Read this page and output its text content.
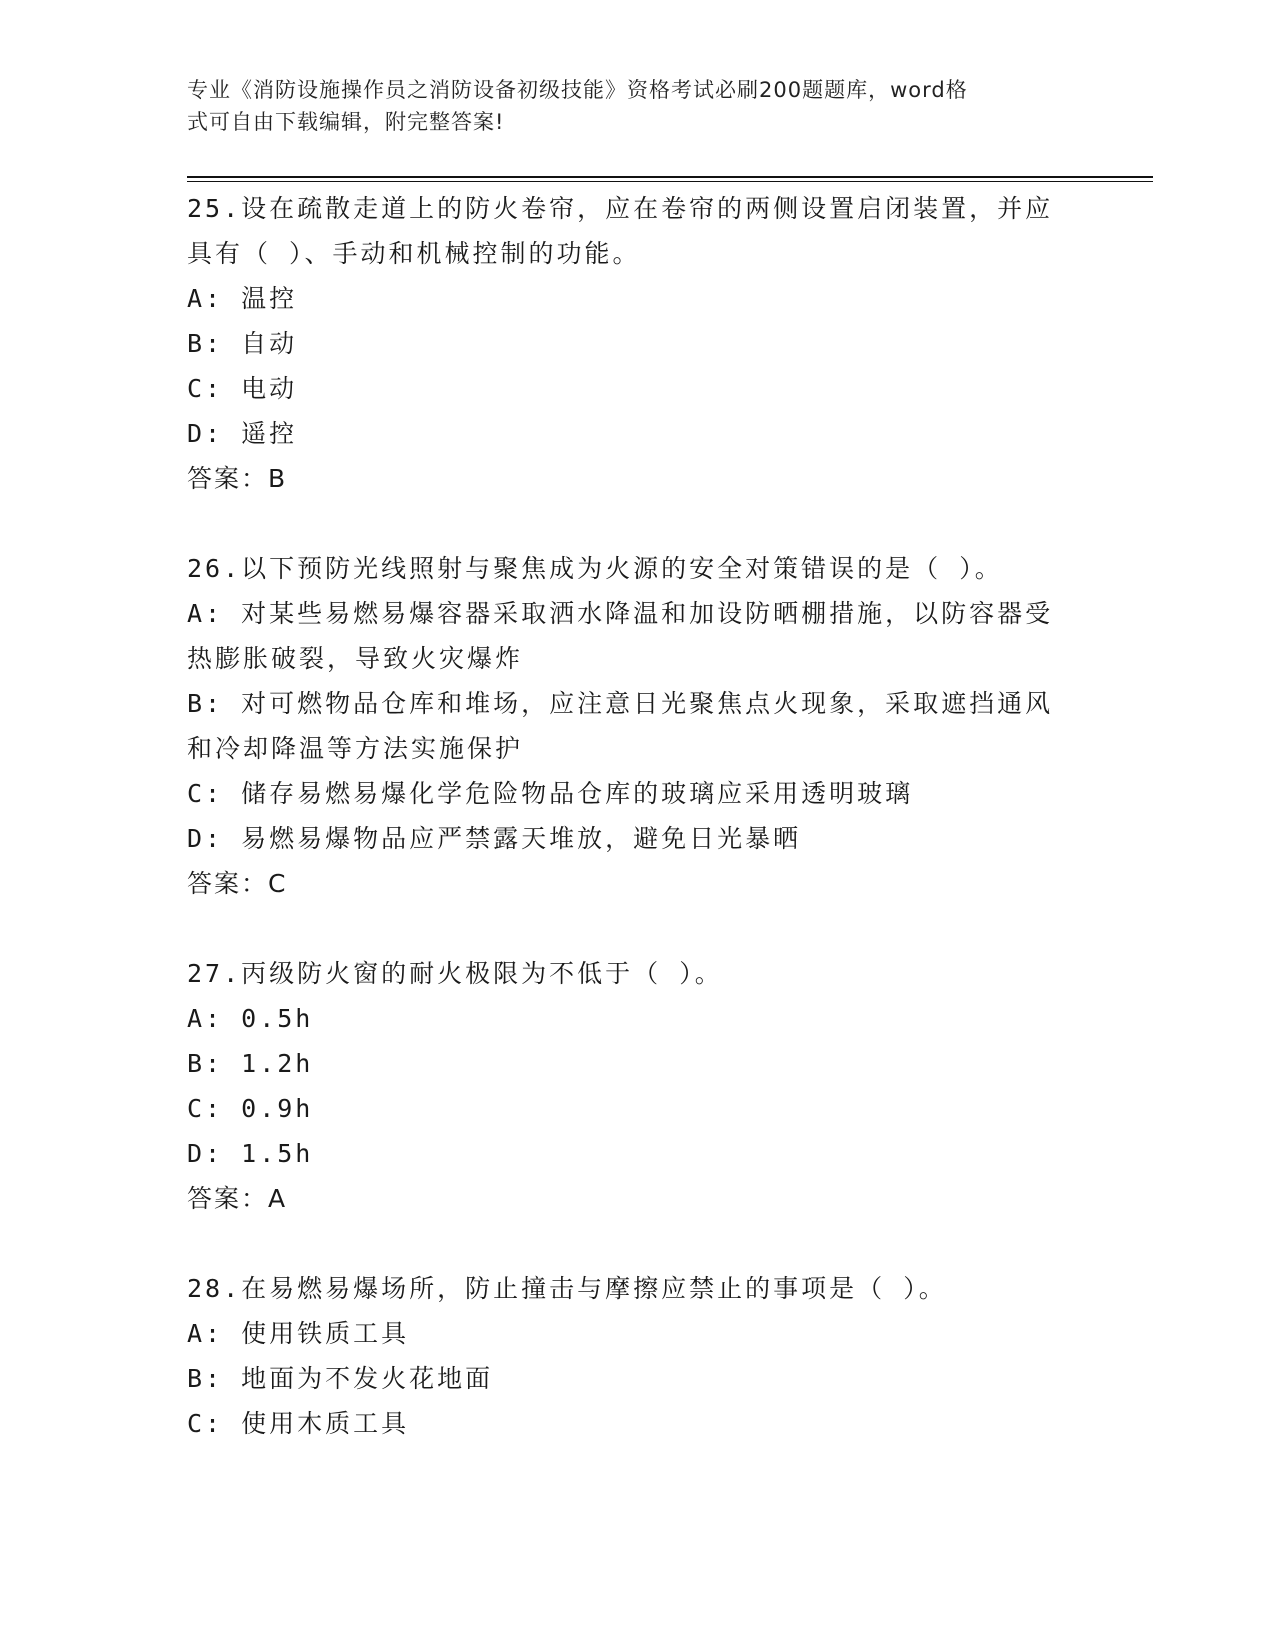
专业《消防设施操作员之消防设备初级技能》资格考试必刷200题题库，word格
式可自由下载编辑，附完整答案!

25.设在疏散走道上的防火卷帘，应在卷帘的两侧设置启闭装置，并应

具有（ ）、手动和机械控制的功能。

A: 温控

B: 自动

C: 电动

D: 遥控

答案：B

26.以下预防光线照射与聚焦成为火源的安全对策错误的是（ ）。

A: 对某些易燃易爆容器采取洒水降温和加设防晒棚措施，以防容器受

热膨胀破裂，导致火灾爆炸

B: 对可燃物品仓库和堆场，应注意日光聚焦点火现象，采取遮挡通风

和冷却降温等方法实施保护

C: 储存易燃易爆化学危险物品仓库的玻璃应采用透明玻璃

D: 易燃易爆物品应严禁露天堆放，避免日光暴晒

答案：C

27.丙级防火窗的耐火极限为不低于（ ）。

A: 0.5h

B: 1.2h

C: 0.9h

D: 1.5h

答案：A

28.在易燃易爆场所，防止撞击与摩擦应禁止的事项是（ ）。

A: 使用铁质工具

B: 地面为不发火花地面

C: 使用木质工具
